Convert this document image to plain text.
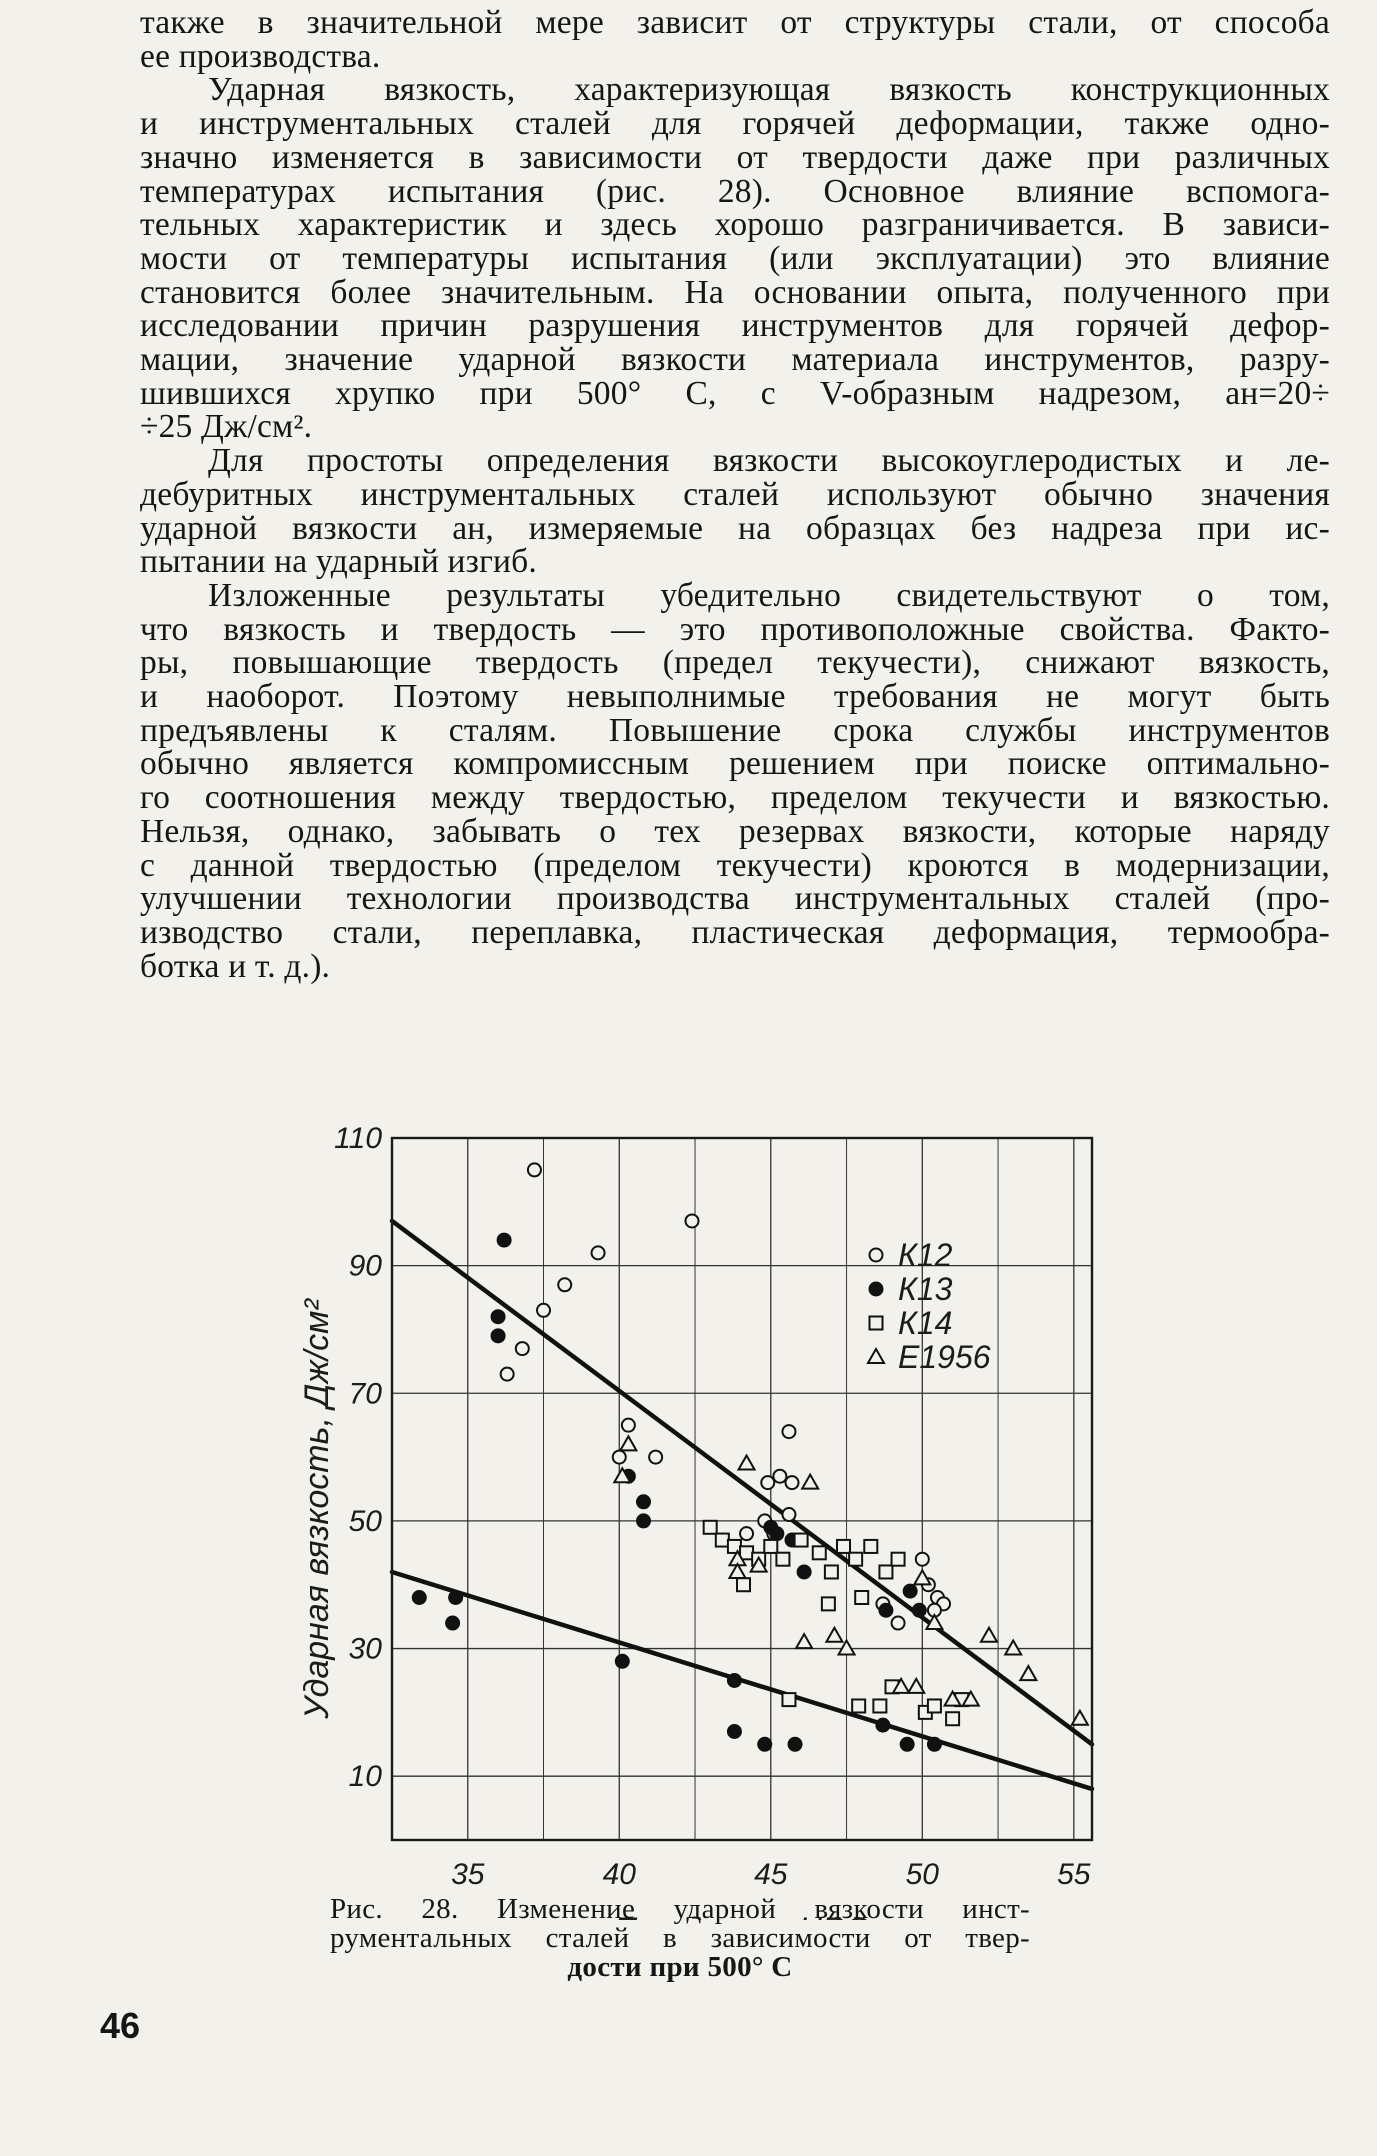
также в значительной мере зависит от структуры стали, от способа

ее производства.

Ударная вязкость, характеризующая вязкость конструкционных

и инструментальных сталей для горячей деформации, также одно-

значно изменяется в зависимости от твердости даже при различных

температурах испытания (рис. 28). Основное влияние вспомога-

тельных характеристик и здесь хорошо разграничивается. В зависи-

мости от температуры испытания (или эксплуатации) это влияние

становится более значительным. На основании опыта, полученного при

исследовании причин разрушения инструментов для горячей дефор-

мации, значение ударной вязкости материала инструментов, разру-

шившихся хрупко при 500° С, с V-образным надрезом, aн=20÷

÷25 Дж/см².

Для простоты определения вязкости высокоуглеродистых и ле-

дебуритных инструментальных сталей используют обычно значения

ударной вязкости aн, измеряемые на образцах без надреза при ис-

пытании на ударный изгиб.

Изложенные результаты убедительно свидетельствуют о том,

что вязкость и твердость — это противоположные свойства. Факто-

ры, повышающие твердость (предел текучести), снижают вязкость,

и наоборот. Поэтому невыполнимые требования не могут быть

предъявлены к сталям. Повышение срока службы инструментов

обычно является компромиссным решением при поиске оптимально-

го соотношения между твердостью, пределом текучести и вязкостью.

Нельзя, однако, забывать о тех резервах вязкости, которые наряду

с данной твердостью (пределом текучести) кроются в модернизации,

улучшении технологии производства инструментальных сталей (про-

изводство стали, переплавка, пластическая деформация, термообра-

ботка и т. д.).

35	40	45	50	55
10
30
50
70
90
110
Ударная вязкость, Дж/см²
К12
К13
К14
E1956

Рис. 28. Изменение ударной вязкости инст-

рументальных сталей в зависимости от твер-

дости при 500° С

46
